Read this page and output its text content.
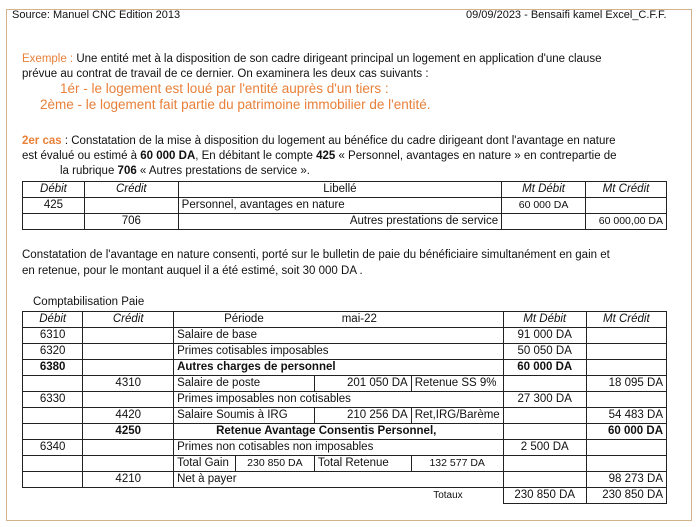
Source: Manuel CNC Edition 2013	09/09/2023 - Bensaifi kamel Excel_C.F.F.
Exemple : Une entité met à la disposition de son cadre dirigeant principal un logement en application d'une clause
prévue au contrat de travail de ce dernier. On examinera les deux cas suivants :
1ér - le logement est loué par l'entité auprès d'un tiers :
2ème - le logement fait partie du patrimoine immobilier de l'entité.
2er cas : Constatation de la mise à disposition du logement au bénéfice du cadre dirigeant dont l'avantage en nature
est évalué ou estimé à 60 000 DA, En débitant le compte 425 « Personnel, avantages en nature » en contrepartie de
la rubrique 706 « Autres prestations de service ».
Débit	Crédit	Libellé	Mt Débit	Mt Crédit
425		Personnel, avantages en nature	60 000 DA	
	706	Autres prestations de service		60 000,00 DA
Constatation de l'avantage en nature consenti, porté sur le bulletin de paie du bénéficiaire simultanément en gain et
en retenue, pour le montant auquel il a été estimé, soit 30 000 DA .
Comptabilisation Paie
Débit	Crédit	Période mai-22				Mt Débit	Mt Crédit
6310		Salaire de base				91 000 DA	
6320		Primes cotisables imposables				50 050 DA	
6380		Autres charges de personnel				60 000 DA	
	4310	Salaire de poste		201 050 DA	Retenue SS 9%		18 095 DA
6330		Primes imposables non cotisables				27 300 DA	
	4420	Salaire Soumis à IRG		210 256 DA	Ret,IRG/Barème		54 483 DA
	4250	Retenue Avantage Consentis Personnel,					60 000 DA
6340		Primes non cotisables non imposables				2 500 DA	
		Total Gain	230 850 DA	Total Retenue	132 577 DA		
	4210	Net à payer					98 273 DA
		Totaux				230 850 DA	230 850 DA
